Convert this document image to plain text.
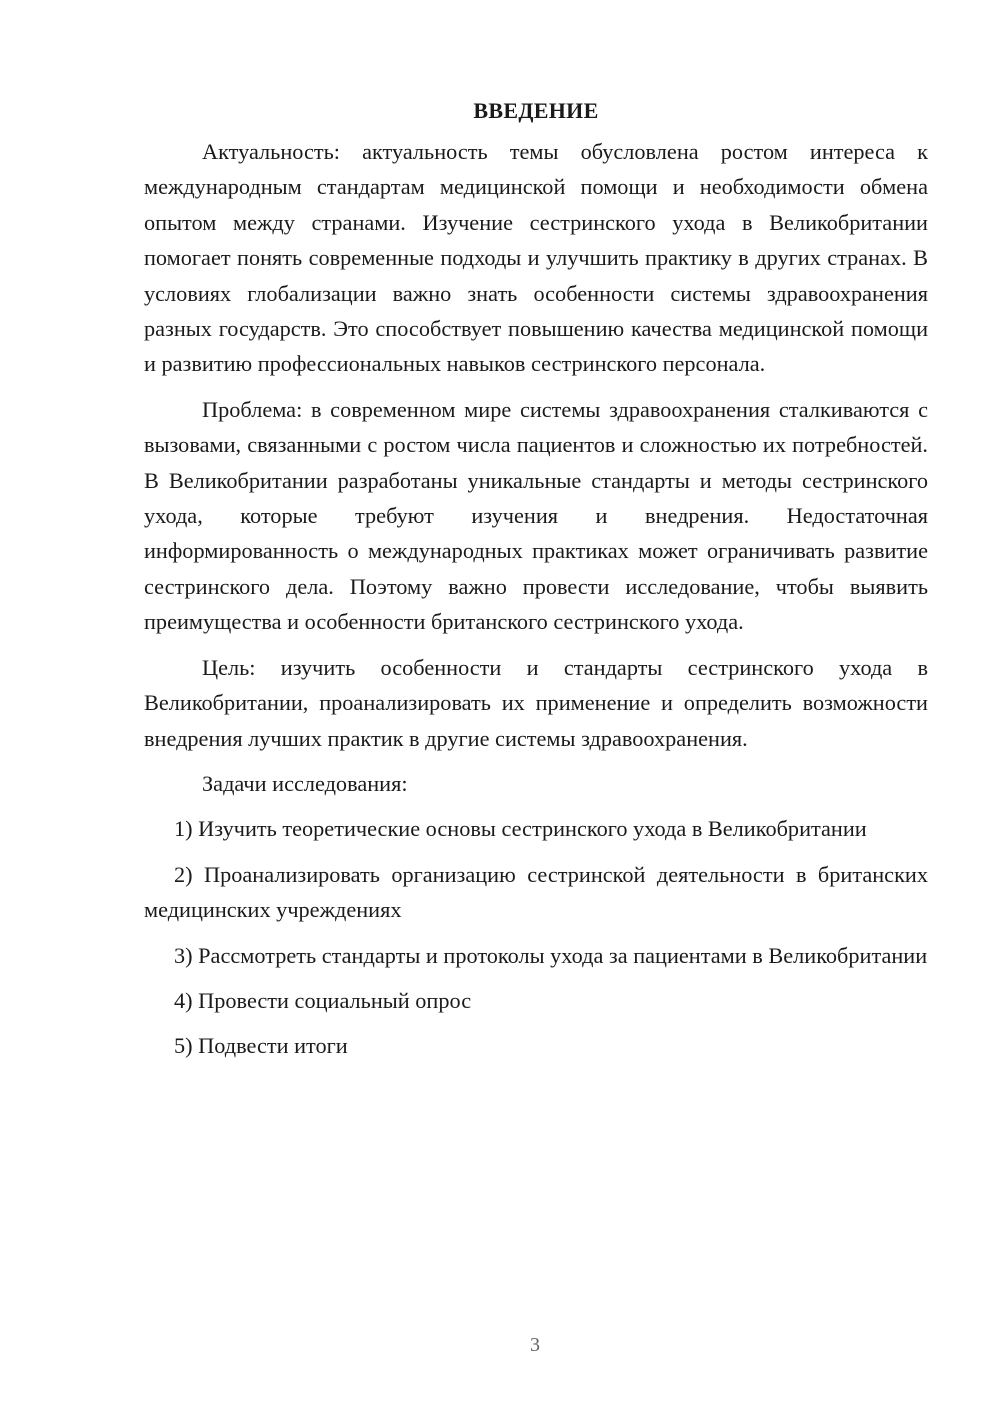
ВВЕДЕНИЕ

Актуальность: актуальность темы обусловлена ростом интереса к международным стандартам медицинской помощи и необходимости обмена опытом между странами. Изучение сестринского ухода в Великобритании помогает понять современные подходы и улучшить практику в других странах. В условиях глобализации важно знать особенности системы здравоохранения разных государств. Это способствует повышению качества медицинской помощи и развитию профессиональных навыков сестринского персонала.

Проблема: в современном мире системы здравоохранения сталкиваются с вызовами, связанными с ростом числа пациентов и сложностью их потребностей. В Великобритании разработаны уникальные стандарты и методы сестринского ухода, которые требуют изучения и внедрения. Недостаточная информированность о международных практиках может ограничивать развитие сестринского дела. Поэтому важно провести исследование, чтобы выявить преимущества и особенности британского сестринского ухода.

Цель: изучить особенности и стандарты сестринского ухода в Великобритании, проанализировать их применение и определить возможности внедрения лучших практик в другие системы здравоохранения.

Задачи исследования:

1) Изучить теоретические основы сестринского ухода в Великобритании

2) Проанализировать организацию сестринской деятельности в британских медицинских учреждениях

3) Рассмотреть стандарты и протоколы ухода за пациентами в Великобритании

4) Провести социальный опрос

5) Подвести итоги

3
